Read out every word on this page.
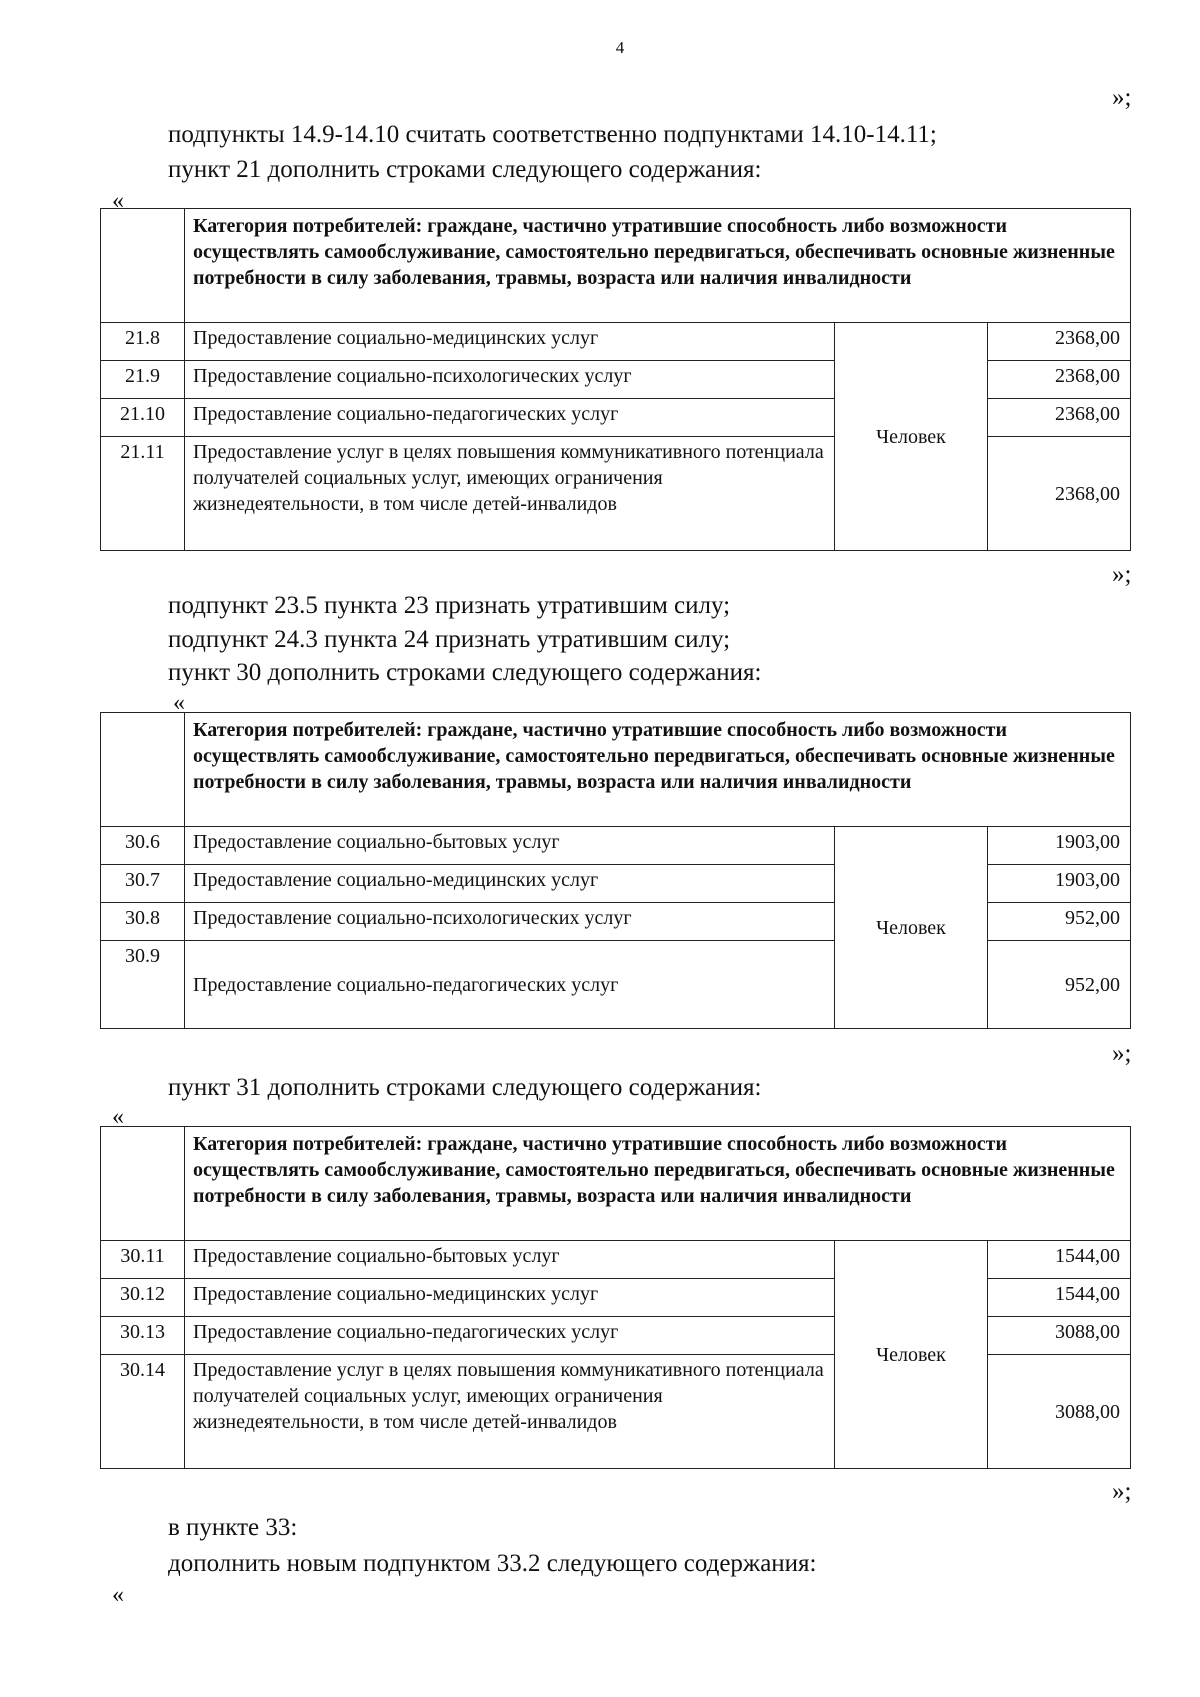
4
»;
подпункты 14.9-14.10 считать соответственно подпунктами 14.10-14.11;
пункт 21 дополнить строками следующего содержания:
«
	Категория потребителей: граждане, частично утратившие способность либо возможности осуществлять самообслуживание, самостоятельно передвигаться, обеспечивать основные жизненные потребности в силу заболевания, травмы, возраста или наличия инвалидности		
21.8	Предоставление социально-медицинских услуг	Человек	2368,00
21.9	Предоставление социально-психологических услуг		2368,00
21.10	Предоставление социально-педагогических услуг		2368,00
21.11	Предоставление услуг в целях повышения коммуникативного потенциала получателей социальных услуг, имеющих ограничения жизнедеятельности, в том числе детей-инвалидов		2368,00
»;
подпункт 23.5 пункта 23 признать утратившим силу;
подпункт 24.3 пункта 24 признать утратившим силу;
пункт 30 дополнить строками следующего содержания:
«
	Категория потребителей: граждане, частично утратившие способность либо возможности осуществлять самообслуживание, самостоятельно передвигаться, обеспечивать основные жизненные потребности в силу заболевания, травмы, возраста или наличия инвалидности		
30.6	Предоставление социально-бытовых услуг	Человек	1903,00
30.7	Предоставление социально-медицинских услуг		1903,00
30.8	Предоставление социально-психологических услуг		952,00
30.9	Предоставление социально-педагогических услуг		952,00
»;
пункт 31 дополнить строками следующего содержания:
«
	Категория потребителей: граждане, частично утратившие способность либо возможности осуществлять самообслуживание, самостоятельно передвигаться, обеспечивать основные жизненные потребности в силу заболевания, травмы, возраста или наличия инвалидности		
30.11	Предоставление социально-бытовых услуг	Человек	1544,00
30.12	Предоставление социально-медицинских услуг		1544,00
30.13	Предоставление социально-педагогических услуг		3088,00
30.14	Предоставление услуг в целях повышения коммуникативного потенциала получателей социальных услуг, имеющих ограничения жизнедеятельности, в том числе детей-инвалидов		3088,00
»;
в пункте 33:
дополнить новым подпунктом 33.2 следующего содержания:
«
